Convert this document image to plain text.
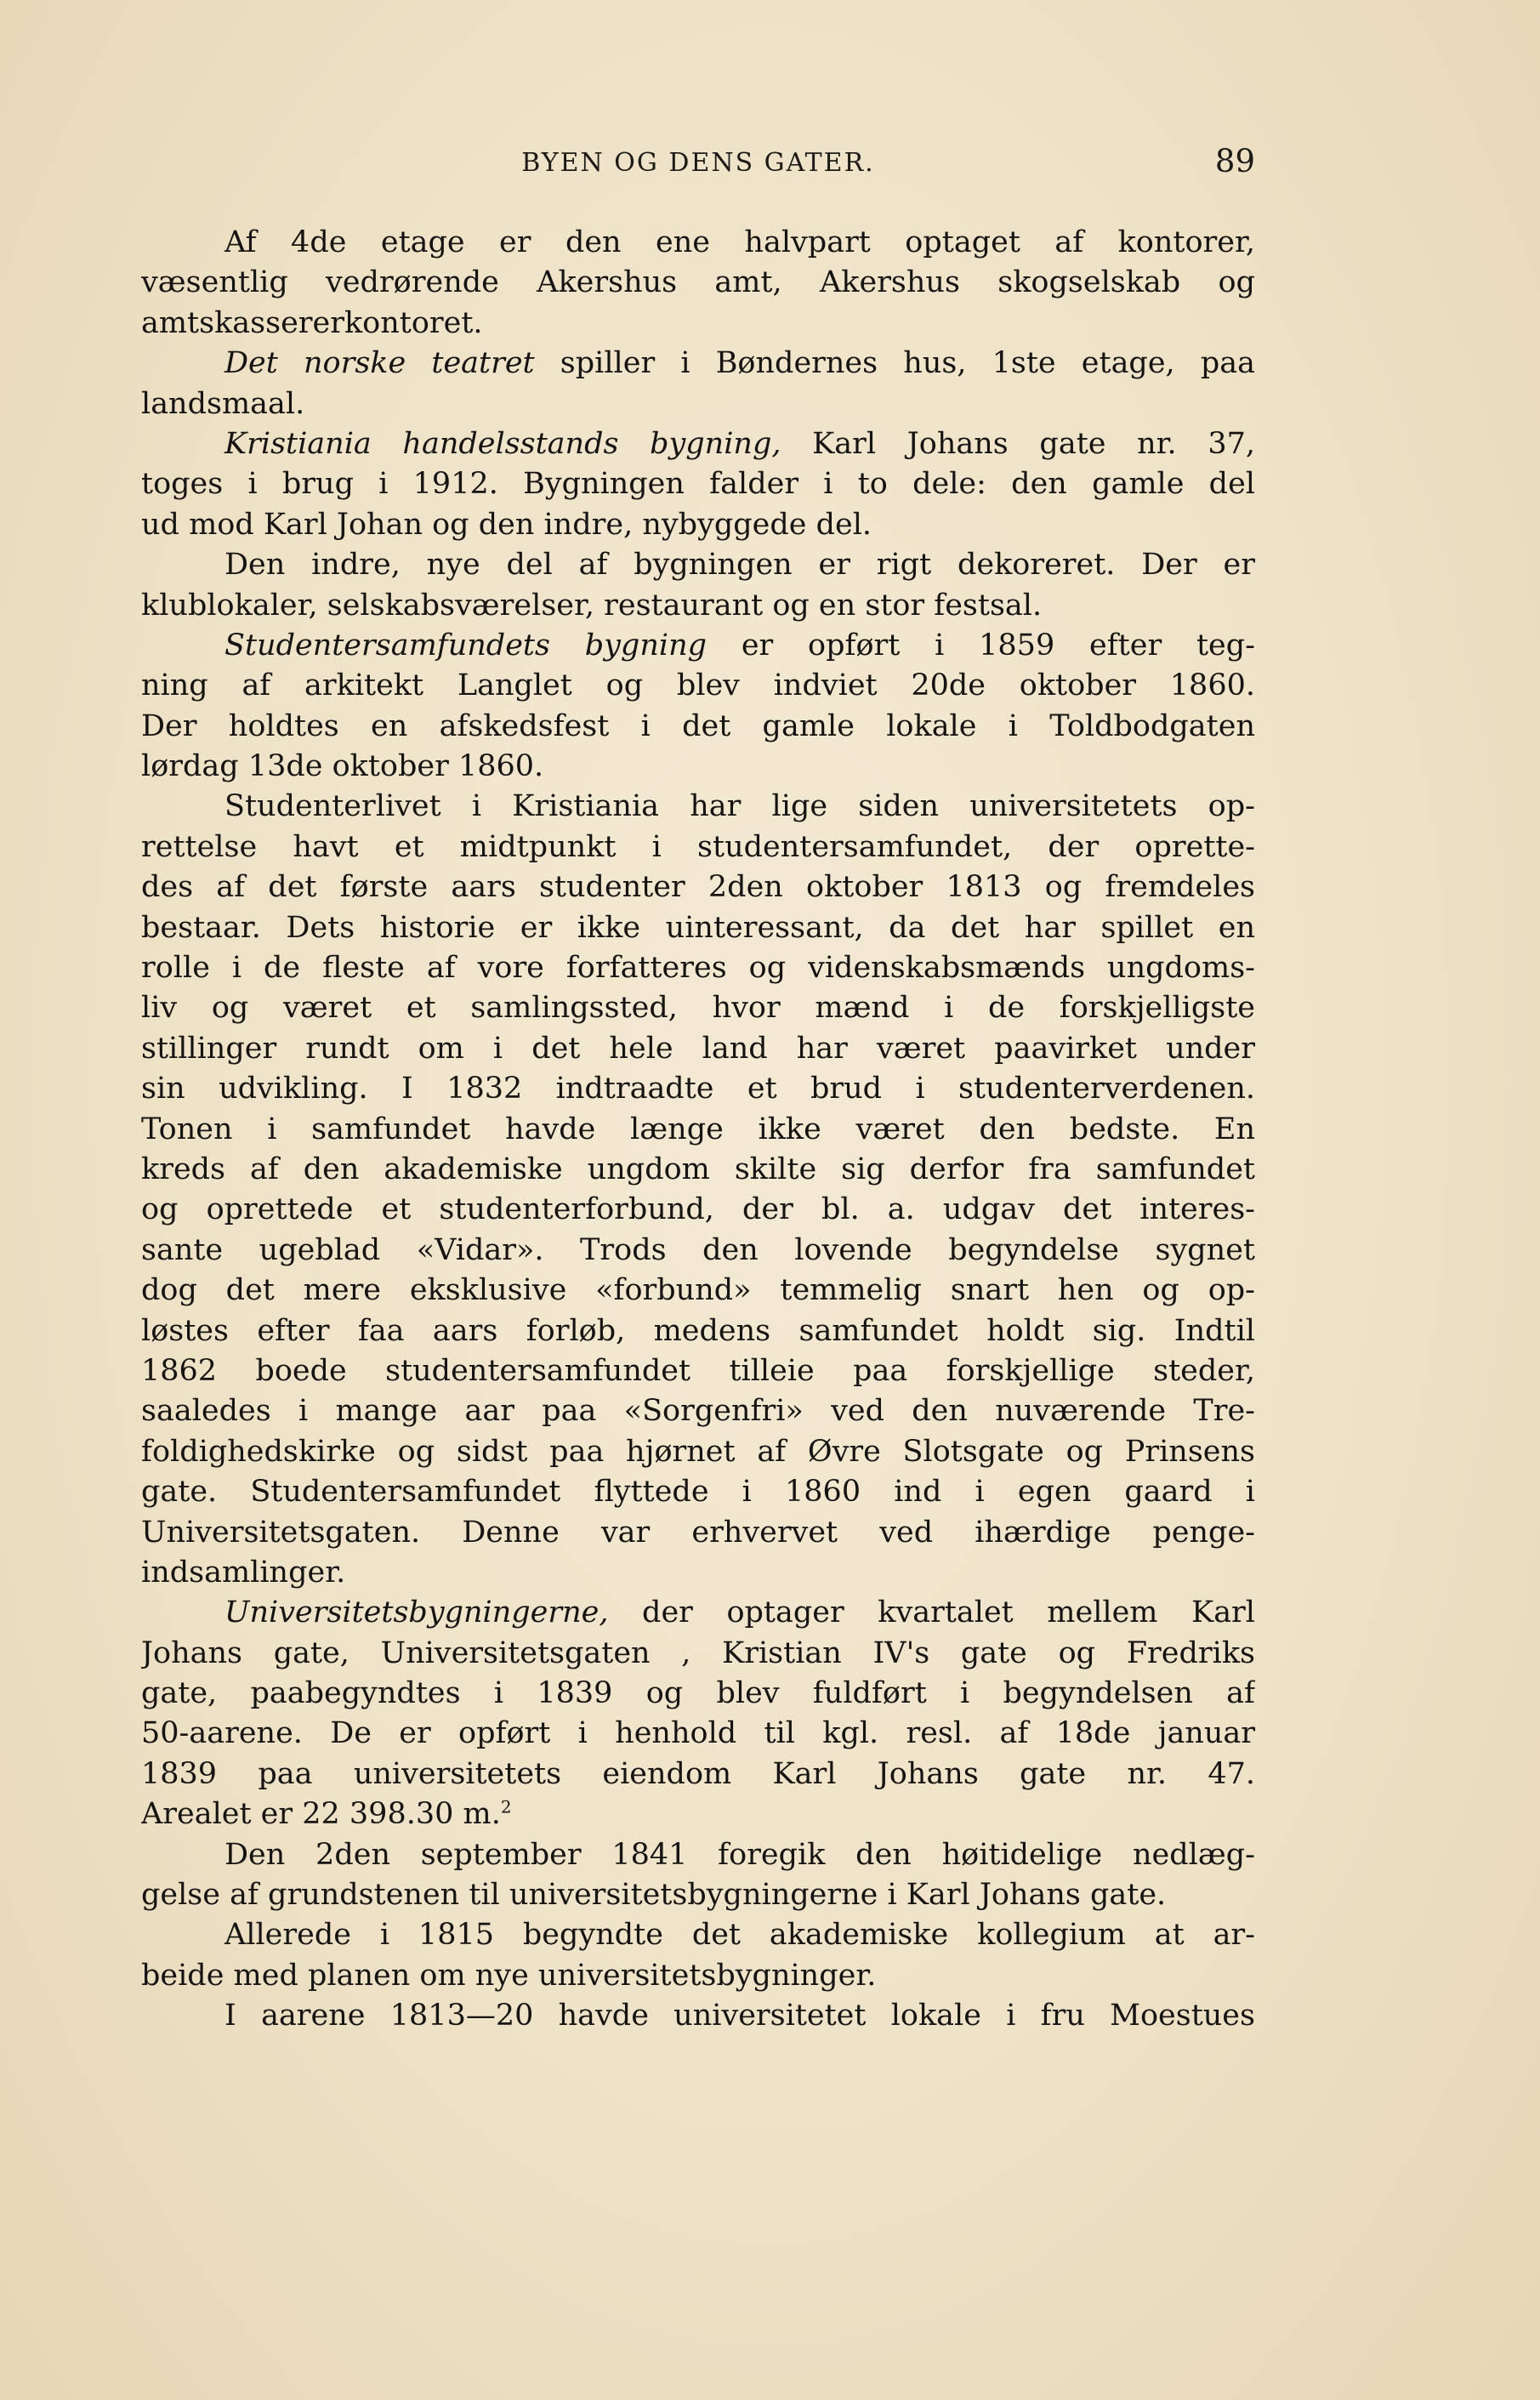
BYEN OG DENS GATER.	89
Af 4de etage er den ene halvpart optaget af kontorer,
væsentlig vedrørende Akershus amt, Akershus skogselskab og
amtskassererkontoret.
Det norske teatret spiller i Bøndernes hus, 1ste etage, paa
landsmaal.
Kristiania handelsstands bygning, Karl Johans gate nr. 37,
toges i brug i 1912. Bygningen falder i to dele: den gamle del
ud mod Karl Johan og den indre, nybyggede del.
Den indre, nye del af bygningen er rigt dekoreret. Der er
klublokaler, selskabsværelser, restaurant og en stor festsal.
Studentersamfundets bygning er opført i 1859 efter teg-
ning af arkitekt Langlet og blev indviet 20de oktober 1860.
Der holdtes en afskedsfest i det gamle lokale i Toldbodgaten
lørdag 13de oktober 1860.
Studenterlivet i Kristiania har lige siden universitetets op-
rettelse havt et midtpunkt i studentersamfundet, der oprette-
des af det første aars studenter 2den oktober 1813 og fremdeles
bestaar. Dets historie er ikke uinteressant, da det har spillet en
rolle i de fleste af vore forfatteres og videnskabsmænds ungdoms-
liv og været et samlingssted, hvor mænd i de forskjelligste
stillinger rundt om i det hele land har været paavirket under
sin udvikling. I 1832 indtraadte et brud i studenterverdenen.
Tonen i samfundet havde længe ikke været den bedste. En
kreds af den akademiske ungdom skilte sig derfor fra samfundet
og oprettede et studenterforbund, der bl. a. udgav det interes-
sante ugeblad «Vidar». Trods den lovende begyndelse sygnet
dog det mere eksklusive «forbund» temmelig snart hen og op-
løstes efter faa aars forløb, medens samfundet holdt sig. Indtil
1862 boede studentersamfundet tilleie paa forskjellige steder,
saaledes i mange aar paa «Sorgenfri» ved den nuværende Tre-
foldighedskirke og sidst paa hjørnet af Øvre Slotsgate og Prinsens
gate. Studentersamfundet flyttede i 1860 ind i egen gaard i
Universitetsgaten. Denne var erhvervet ved ihærdige penge-
indsamlinger.
Universitetsbygningerne, der optager kvartalet mellem Karl
Johans gate, Universitetsgaten , Kristian IV's gate og Fredriks
gate, paabegyndtes i 1839 og blev fuldført i begyndelsen af
50-aarene. De er opført i henhold til kgl. resl. af 18de januar
1839 paa universitetets eiendom Karl Johans gate nr. 47.
Arealet er 22 398.30 m.$^2$
Den 2den september 1841 foregik den høitidelige nedlæg-
gelse af grundstenen til universitetsbygningerne i Karl Johans gate.
Allerede i 1815 begyndte det akademiske kollegium at ar-
beide med planen om nye universitetsbygninger.
I aarene 1813—20 havde universitetet lokale i fru Moestues
